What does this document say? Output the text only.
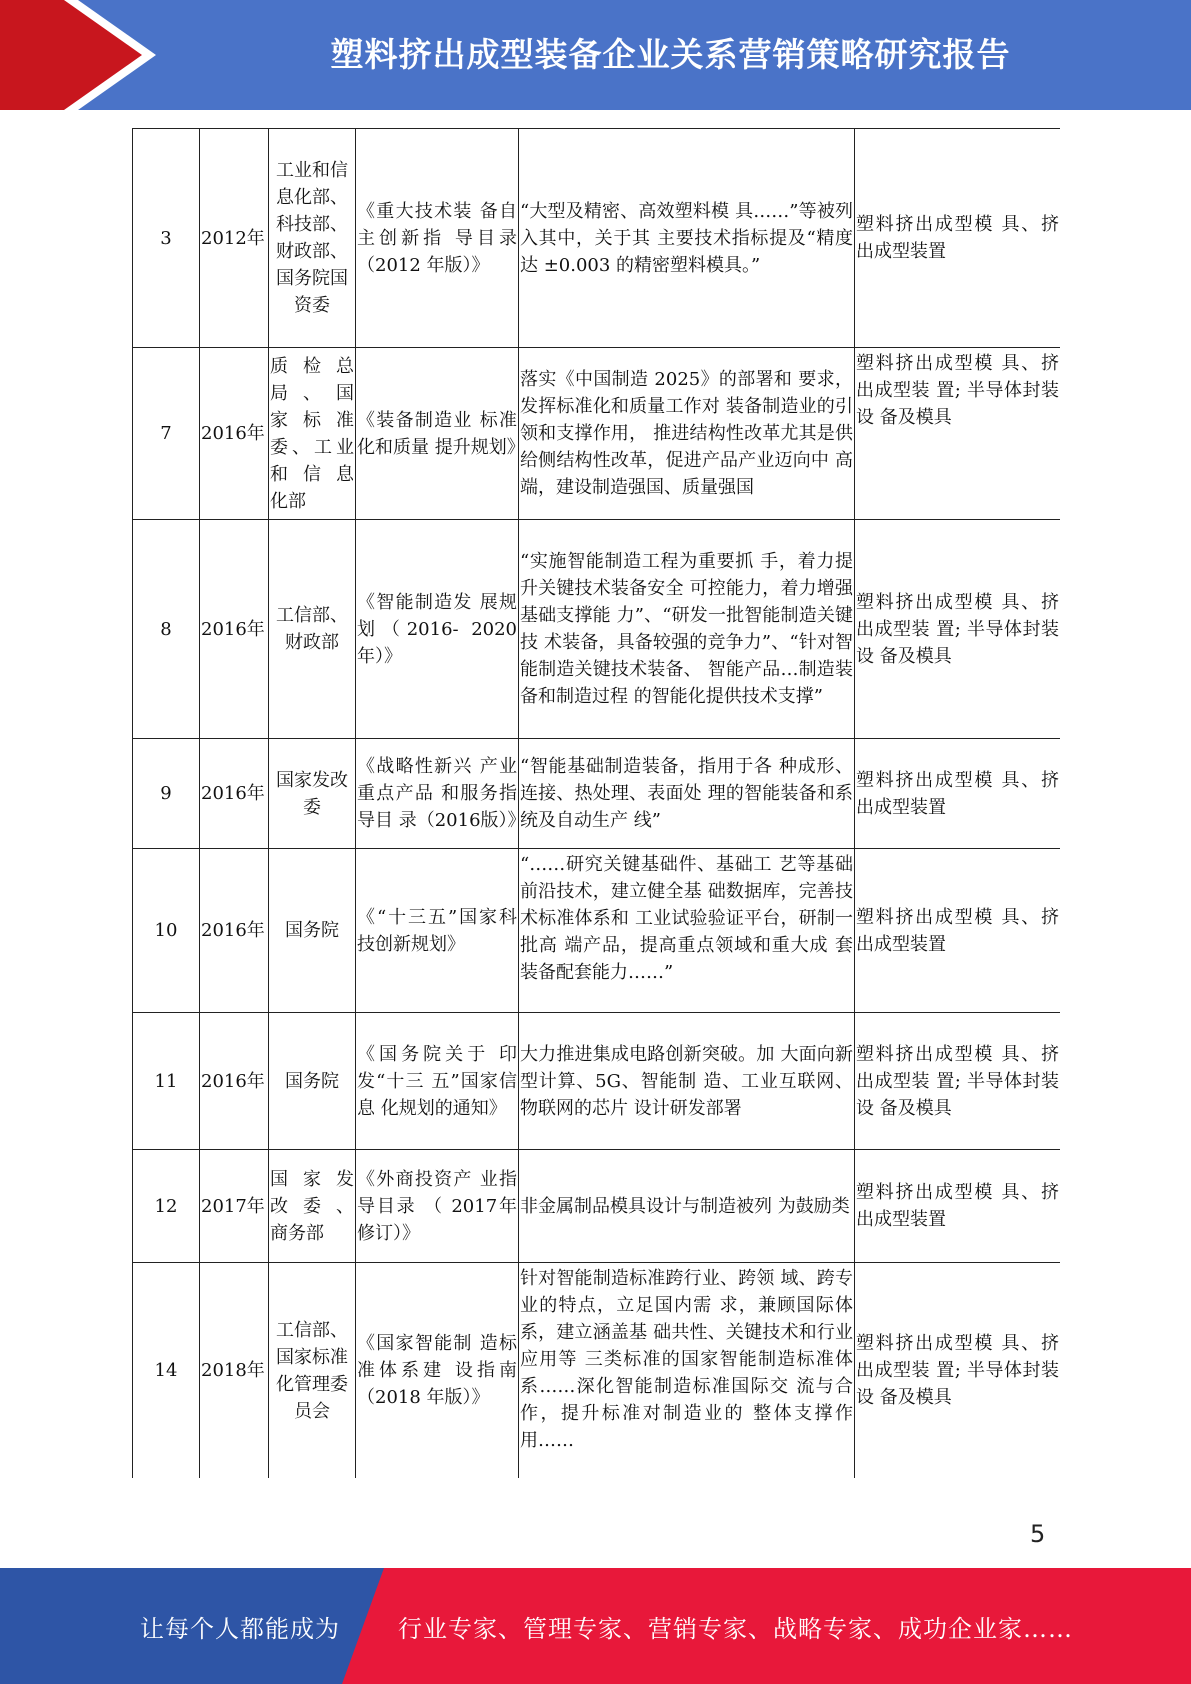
塑料挤出成型装备企业关系营销策略研究报告
3	2012年	工业和信息化部、科技部、财政部、国务院国资委	《重大技术装 备自主创新指 导目录（2012 年版）》	“大型及精密、高效塑料模 具……”等被列入其中，关于其 主要技术指标提及“精度达 ±0.003 的精密塑料模具。”	塑料挤出成型模 具、挤出成型装置
7	2016年	质 检 总 局 、 国 家 标 准 委、工业 和 信 息 化部	《装备制造业 标准化和质量 提升规划》	落实《中国制造 2025》的部署和 要求，发挥标准化和质量工作对 装备制造业的引领和支撑作用， 推进结构性改革尤其是供给侧结构性改革，促进产品产业迈向中 高端，建设制造强国、质量强国	塑料挤出成型模 具、挤出成型装 置; 半导体封装设 备及模具
8	2016年	工信部、财政部	《智能制造发 展规划（2016- 2020年）》	“实施智能制造工程为重要抓 手，着力提升关键技术装备安全 可控能力，着力增强基础支撑能 力”、“研发一批智能制造关键技 术装备，具备较强的竞争力”、“针对智能制造关键技术装备、 智能产品…制造装备和制造过程 的智能化提供技术支撑”	塑料挤出成型模 具、挤出成型装 置; 半导体封装设 备及模具
9	2016年	国家发改委	《战略性新兴 产业重点产品 和服务指导目 录（2016版）》	“智能基础制造装备，指用于各 种成形、连接、热处理、表面处 理的智能装备和系统及自动生产 线”	塑料挤出成型模 具、挤出成型装置
10	2016年	国务院	《“十三五”国家科技创新规划》	“……研究关键基础件、基础工 艺等基础前沿技术，建立健全基 础数据库，完善技术标准体系和 工业试验验证平台，研制一批高 端产品，提高重点领域和重大成 套装备配套能力……”	塑料挤出成型模 具、挤出成型装置
11	2016年	国务院	《国务院关于 印发“十三 五”国家信息 化规划的通知》	大力推进集成电路创新突破。加 大面向新型计算、5G、智能制 造、工业互联网、物联网的芯片 设计研发部署	塑料挤出成型模 具、挤出成型装 置; 半导体封装设 备及模具
12	2017年	国 家 发 改 委 、 商务部	《外商投资产 业指导目录 （ 2017年 修订）》	非金属制品模具设计与制造被列 为鼓励类	塑料挤出成型模 具、挤出成型装置
14	2018年	工信部、国家标准化管理委员会	《国家智能制 造标准体系建 设指南（2018 年版）》	针对智能制造标准跨行业、跨领 域、跨专业的特点，立足国内需 求，兼顾国际体系，建立涵盖基 础共性、关键技术和行业应用等 三类标准的国家智能制造标准体 系……深化智能制造标准国际交 流与合作，提升标准对制造业的 整体支撑作用……	塑料挤出成型模 具、挤出成型装 置; 半导体封装设 备及模具
5
让每个人都能成为 行业专家、管理专家、营销专家、战略专家、成功企业家……
